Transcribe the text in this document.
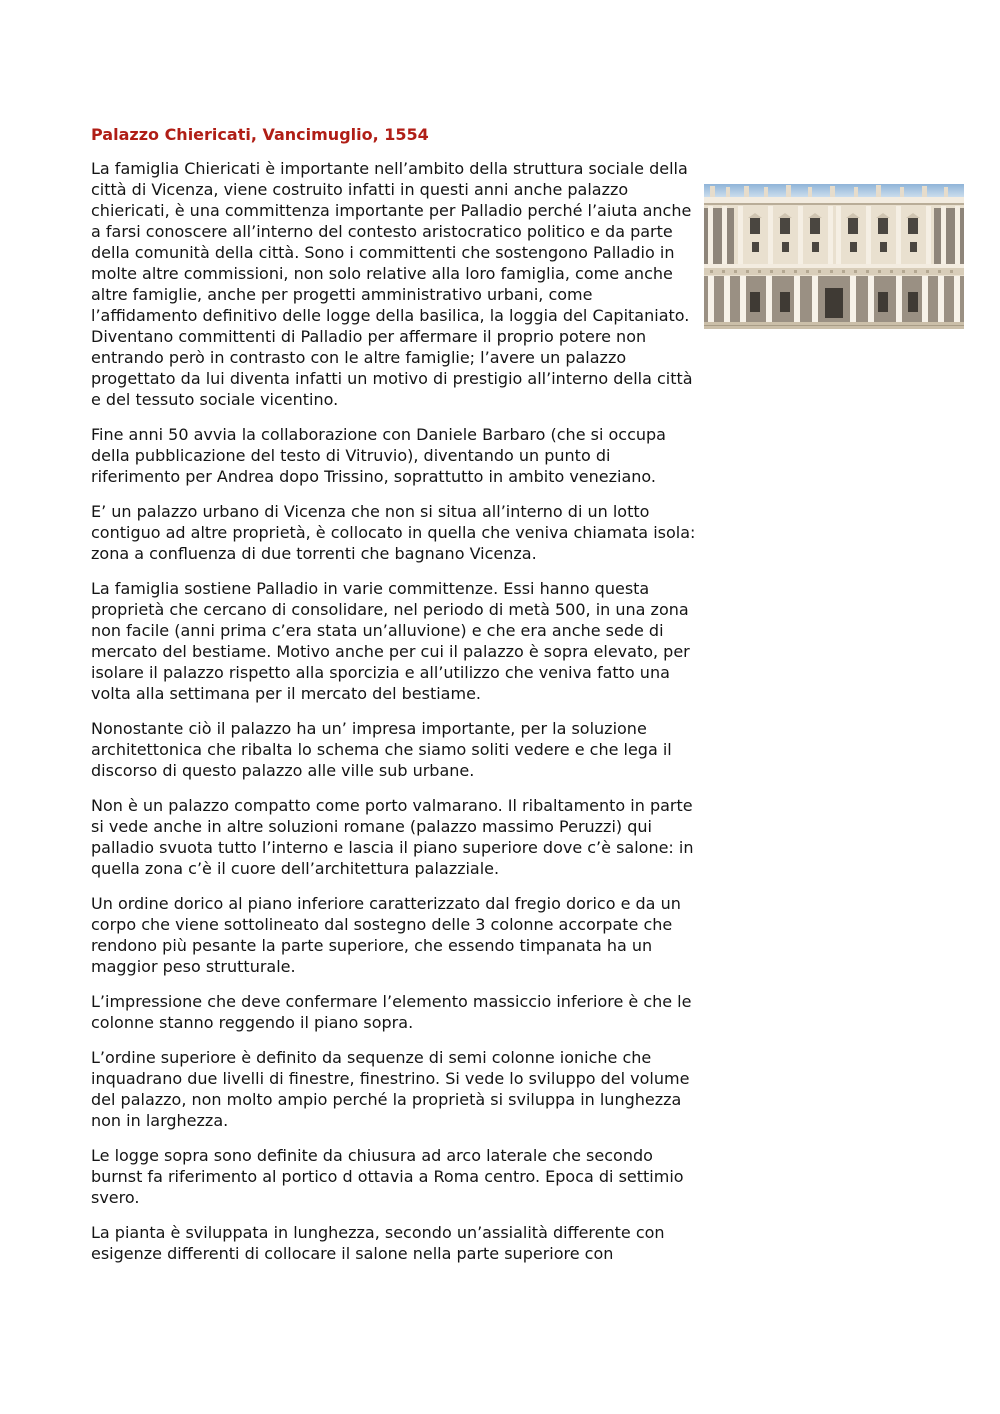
Palazzo Chiericati, Vancimuglio, 1554

La famiglia Chiericati è importante nell’ambito della struttura sociale della città di Vicenza, viene costruito infatti in questi anni anche palazzo chiericati, è una committenza importante per Palladio perché l’aiuta anche a farsi conoscere all’interno del contesto aristocratico politico e da parte della comunità della città. Sono i committenti che sostengono Palladio in molte altre commissioni, non solo relative alla loro famiglia, come anche altre famiglie, anche per progetti amministrativo urbani, come l’affidamento definitivo delle logge della basilica, la loggia del Capitaniato. Diventano committenti di Palladio per affermare il proprio potere non entrando però in contrasto con le altre famiglie; l’avere un palazzo progettato da lui diventa infatti un motivo di prestigio all’interno della città e del tessuto sociale vicentino.

Fine anni 50 avvia la collaborazione con Daniele Barbaro (che si occupa della pubblicazione del testo di Vitruvio), diventando un punto di riferimento per Andrea dopo Trissino, soprattutto in ambito veneziano.

E’ un palazzo urbano di Vicenza che non si situa all’interno di un lotto contiguo ad altre proprietà, è collocato in quella che veniva chiamata isola: zona a confluenza di due torrenti che bagnano Vicenza.

La famiglia sostiene Palladio in varie committenze. Essi hanno questa proprietà che cercano di consolidare, nel periodo di metà 500, in una zona non facile (anni prima c’era stata un’alluvione) e che era anche sede di mercato del bestiame. Motivo anche per cui il palazzo è sopra elevato, per isolare il palazzo rispetto alla sporcizia e all’utilizzo che veniva fatto una volta alla settimana per il mercato del bestiame.

Nonostante ciò il palazzo ha un’ impresa importante, per la soluzione architettonica che ribalta lo schema che siamo soliti vedere e che lega il discorso di questo palazzo alle ville sub urbane.

Non è un palazzo compatto come porto valmarano. Il ribaltamento in parte si vede anche in altre soluzioni romane (palazzo massimo Peruzzi) qui palladio svuota tutto l’interno e lascia il piano superiore dove c’è salone: in quella zona c’è il cuore dell’architettura palazziale.

Un ordine dorico al piano inferiore caratterizzato dal fregio dorico e da un corpo che viene sottolineato dal sostegno delle 3 colonne accorpate che rendono più pesante la parte superiore, che essendo timpanata ha un maggior peso strutturale.

L’impressione che deve confermare l’elemento massiccio inferiore è che le colonne stanno reggendo il piano sopra.

L’ordine superiore è definito da sequenze di semi colonne ioniche che inquadrano due livelli di finestre, finestrino. Si vede lo sviluppo del volume del palazzo, non molto ampio perché la proprietà si sviluppa in lunghezza non in larghezza.

Le logge sopra sono definite da chiusura ad arco laterale che secondo burnst fa riferimento al portico d ottavia a Roma centro. Epoca di settimio svero.

La pianta è sviluppata in lunghezza, secondo un’assialità differente con esigenze differenti di collocare il salone nella parte superiore con
